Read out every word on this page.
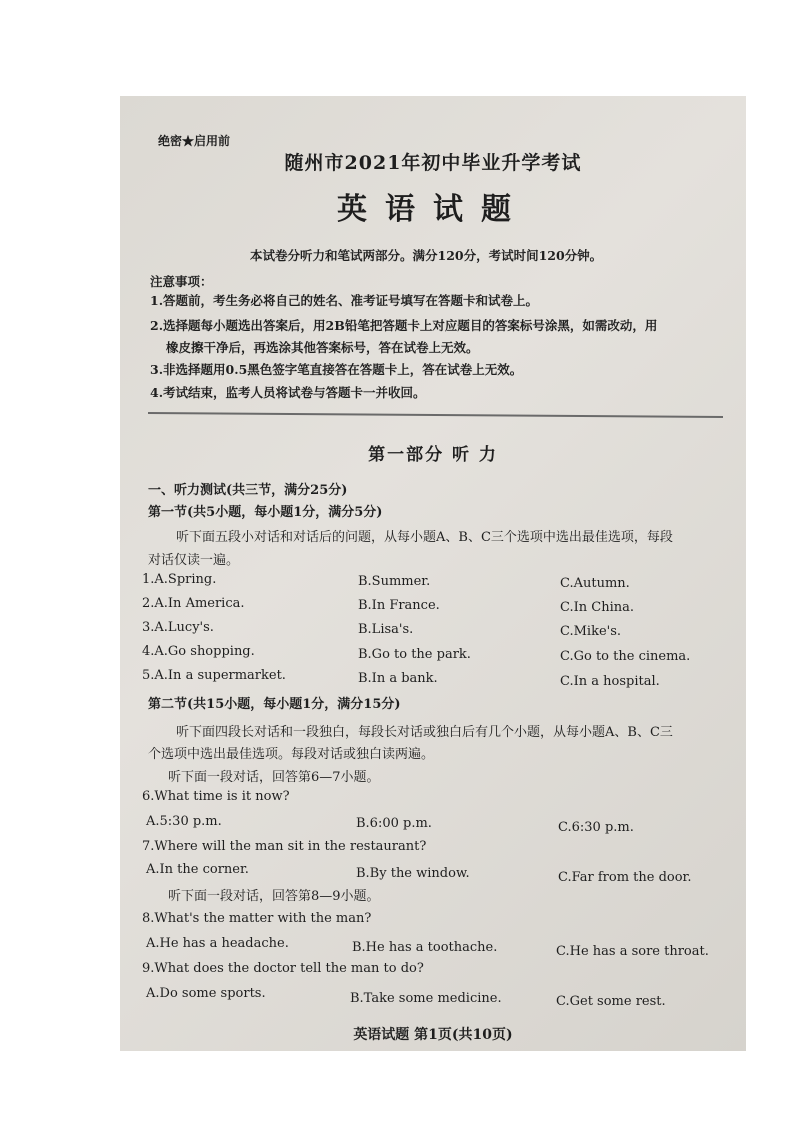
绝密★启用前
随州市2021年初中毕业升学考试
英语试题
本试卷分听力和笔试两部分。满分120分，考试时间120分钟。
注意事项：
1.答题前，考生务必将自己的姓名、准考证号填写在答题卡和试卷上。
2.选择题每小题选出答案后，用2B铅笔把答题卡上对应题目的答案标号涂黑，如需改动，用
橡皮擦干净后，再选涂其他答案标号，答在试卷上无效。
3.非选择题用0.5黑色签字笔直接答在答题卡上，答在试卷上无效。
4.考试结束，监考人员将试卷与答题卡一并收回。
第一部分 听 力
一、听力测试(共三节，满分25分)
第一节(共5小题，每小题1分，满分5分)
听下面五段小对话和对话后的问题，从每小题A、B、C三个选项中选出最佳选项，每段
对话仅读一遍。
1.A.Spring.	B.Summer.	C.Autumn.
2.A.In America.	B.In France.	C.In China.
3.A.Lucy's.	B.Lisa's.	C.Mike's.
4.A.Go shopping.	B.Go to the park.	C.Go to the cinema.
5.A.In a supermarket.	B.In a bank.	C.In a hospital.
第二节(共15小题，每小题1分，满分15分)
听下面四段长对话和一段独白，每段长对话或独白后有几个小题，从每小题A、B、C三
个选项中选出最佳选项。每段对话或独白读两遍。
听下面一段对话，回答第6—7小题。
6.What time is it now?
A.5:30 p.m.	B.6:00 p.m.	C.6:30 p.m.
7.Where will the man sit in the restaurant?
A.In the corner.	B.By the window.	C.Far from the door.
听下面一段对话，回答第8—9小题。
8.What's the matter with the man?
A.He has a headache.	B.He has a toothache.	C.He has a sore throat.
9.What does the doctor tell the man to do?
A.Do some sports.	B.Take some medicine.	C.Get some rest.
英语试题 第1页(共10页)
